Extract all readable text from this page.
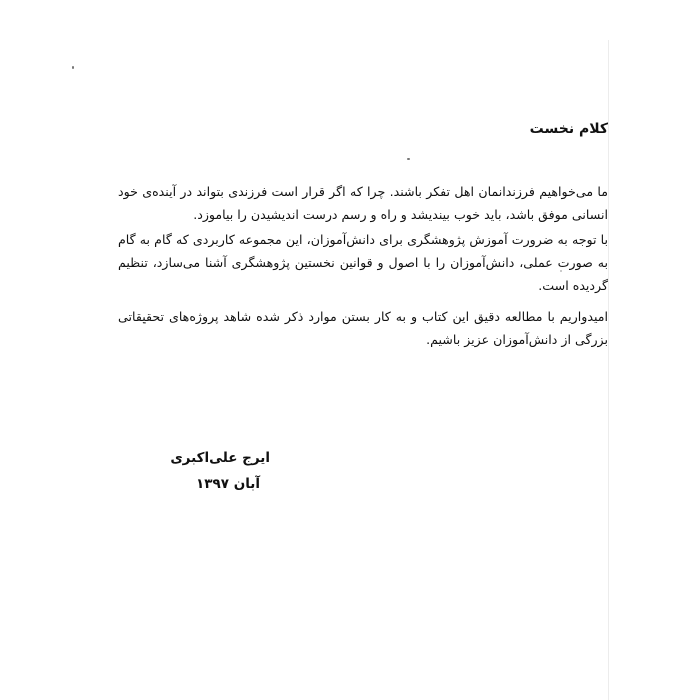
کلام نخست

ما می‌خواهیم فرزندانمان اهل تفکر باشند. چرا که اگر قرار است فرزندی بتواند در آینده‌ی خود انسانی موفق باشد، باید خوب بیندیشد و راه و رسم درست اندیشیدن را بیاموزد.

با توجه به ضرورت آموزش پژوهشگری برای دانش‌آموزان، این مجموعه کاربردی که گام به گام به صورت عملی، دانش‌آموزان را با اصول و قوانین نخستین پژوهشگری آشنا می‌سازد، تنظیم گردیده است.

امیدواریم با مطالعه دقیق این کتاب و به کار بستن موارد ذکر شده شاهد پروژه‌های تحقیقاتی بزرگی از دانش‌آموزان عزیز باشیم.

ایرج علی‌اکبری
آبان ۱۳۹۷
